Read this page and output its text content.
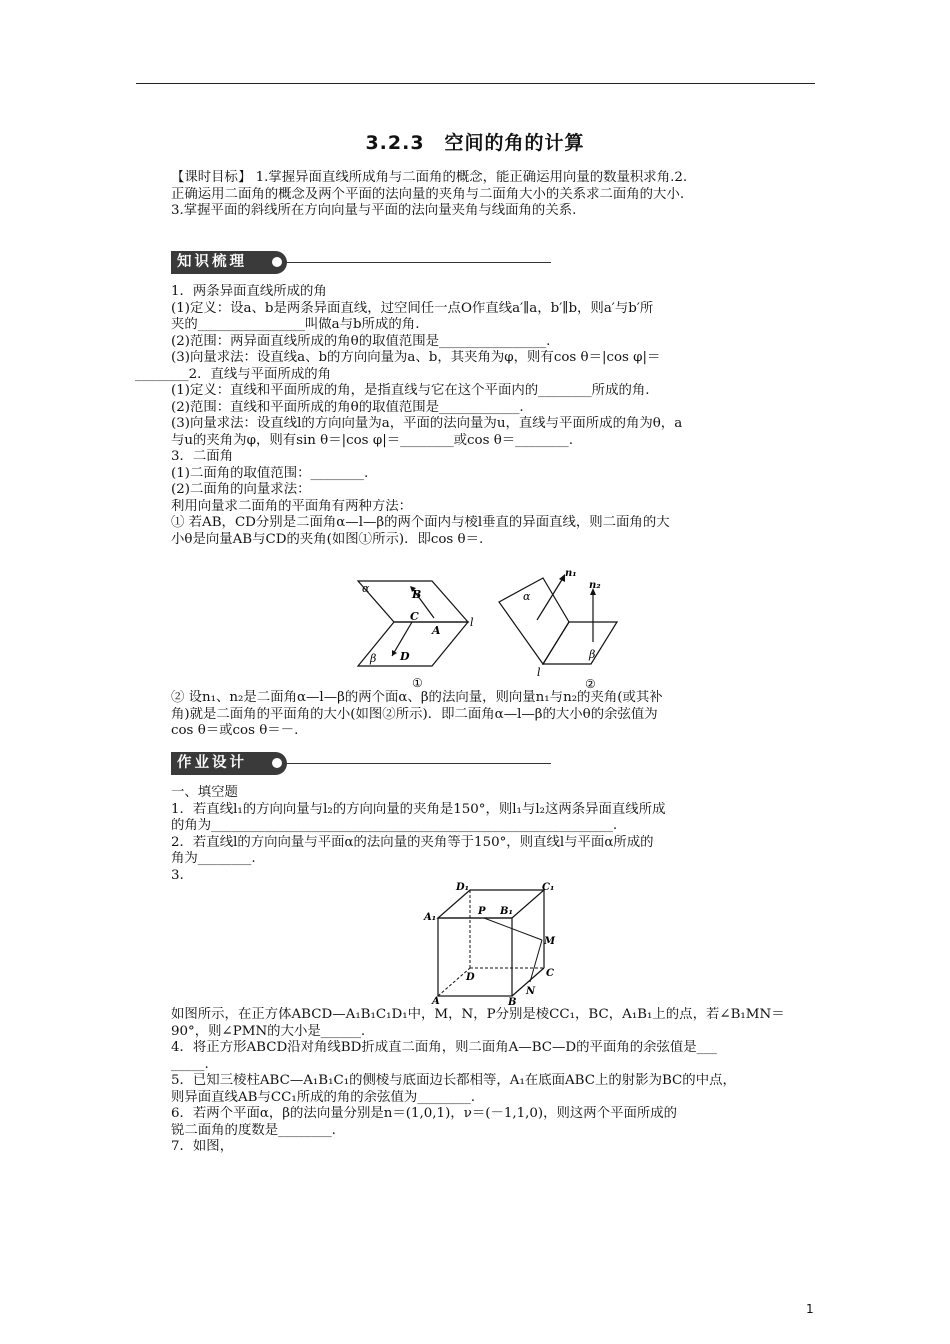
3.2.3　空间的角的计算
【课时目标】 1.掌握异面直线所成角与二面角的概念，能正确运用向量的数量积求角.2.
正确运用二面角的概念及两个平面的法向量的夹角与二面角大小的关系求二面角的大小.
3.掌握平面的斜线所在方向向量与平面的法向量夹角与线面角的关系.
知识梳理
1．两条异面直线所成的角
(1)定义：设a、b是两条异面直线，过空间任一点O作直线a′∥a，b′∥b，则a′与b′所
夹的________________叫做a与b所成的角.
(2)范围：两异面直线所成的角θ的取值范围是________________.
(3)向量求法：设直线a、b的方向向量为a、b，其夹角为φ，则有cos θ＝|cos φ|＝
________2．直线与平面所成的角
(1)定义：直线和平面所成的角，是指直线与它在这个平面内的________所成的角.
(2)范围：直线和平面所成的角θ的取值范围是____________.
(3)向量求法：设直线l的方向向量为a，平面的法向量为u，直线与平面所成的角为θ，a
与u的夹角为φ，则有sin θ＝|cos φ|＝________或cos θ＝________.
3．二面角
(1)二面角的取值范围：________.
(2)二面角的向量求法：
利用向量求二面角的平面角有两种方法：
① 若AB，CD分别是二面角α—l—β的两个面内与棱l垂直的异面直线，则二面角的大
小θ是向量AB与CD的夹角(如图①所示)．即cos θ＝.
α	B
C
A
l
β D
①
n₁
n₂
α
β
l
②
② 设n₁、n₂是二面角α—l—β的两个面α、β的法向量，则向量n₁与n₂的夹角(或其补
角)就是二面角的平面角的大小(如图②所示)．即二面角α—l—β的大小θ的余弦值为
cos θ＝或cos θ＝－.
作业设计
一、填空题
1．若直线l₁的方向向量与l₂的方向向量的夹角是150°，则l₁与l₂这两条异面直线所成
的角为____________________________________________________________.
2．若直线l的方向向量与平面α的法向量的夹角等于150°，则直线l与平面α所成的
角为________.
3.
D₁	C₁
A₁
P B₁
M
D	C
N
A	B
如图所示，在正方体ABCD—A₁B₁C₁D₁中，M，N，P分别是棱CC₁，BC，A₁B₁上的点，若∠B₁MN＝
90°，则∠PMN的大小是______.
4．将正方形ABCD沿对角线BD折成直二面角，则二面角A—BC—D的平面角的余弦值是___
_____.
5．已知三棱柱ABC—A₁B₁C₁的侧棱与底面边长都相等，A₁在底面ABC上的射影为BC的中点，
则异面直线AB与CC₁所成的角的余弦值为________.
6．若两个平面α，β的法向量分别是n＝(1,0,1)，ν＝(－1,1,0)，则这两个平面所成的
锐二面角的度数是________.
7．如图，
1
